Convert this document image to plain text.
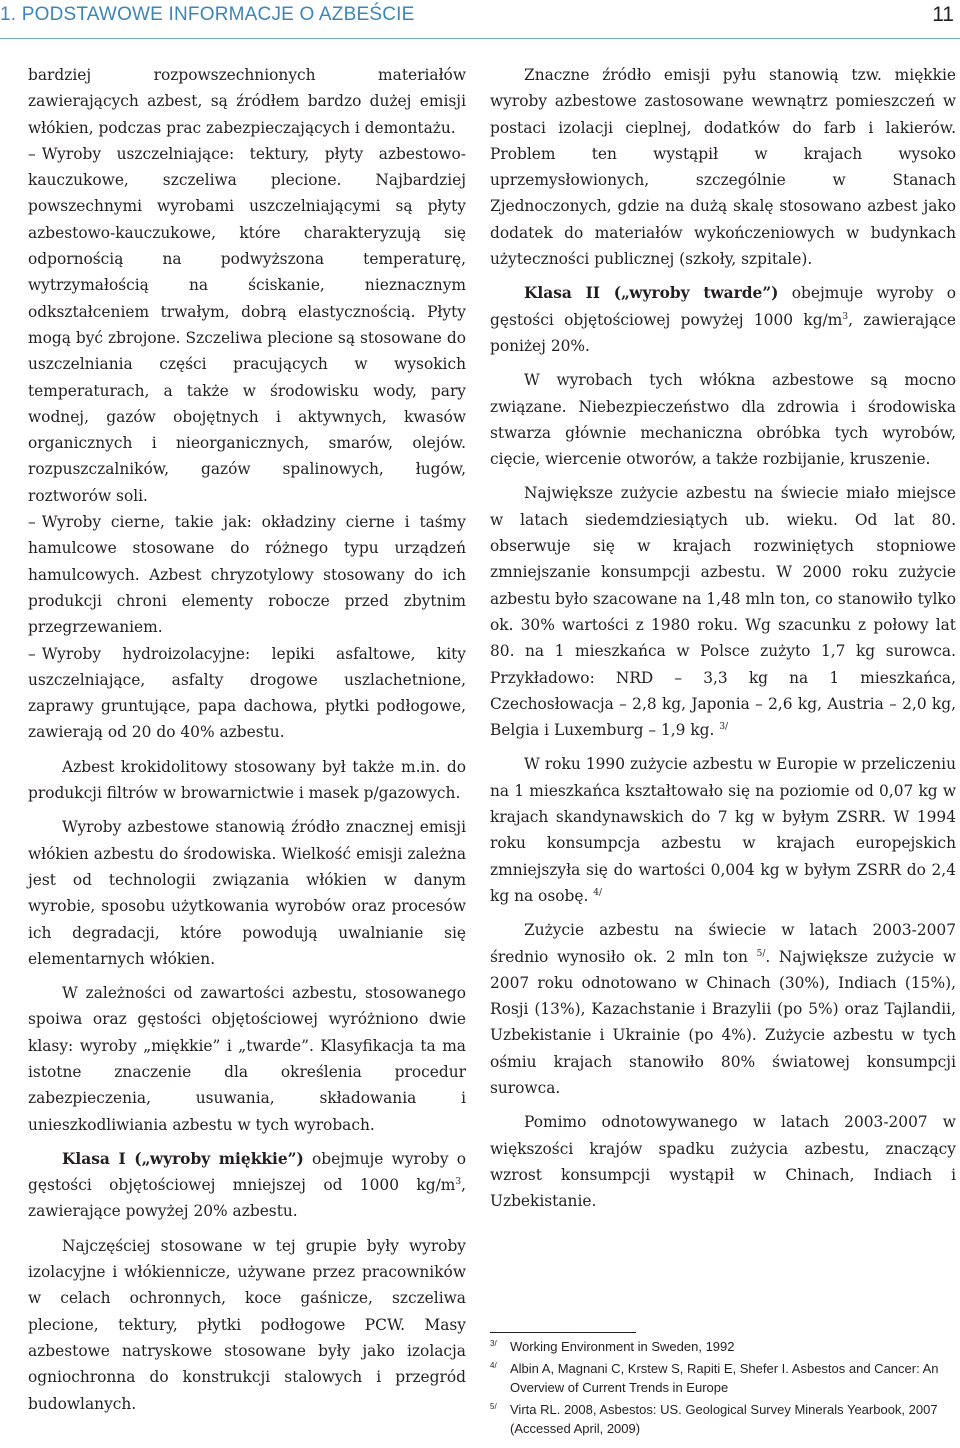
1. PODSTAWOWE INFORMACJE O AZBEŚCIE	11

bardziej rozpowszechnionych materiałów zawierających azbest, są źródłem bardzo dużej emisji włókien, podczas prac zabezpieczających i demontażu.

– Wyroby uszczelniające: tektury, płyty azbestowo-kauczukowe, szczeliwa plecione. Najbardziej powszechnymi wyrobami uszczelniającymi są płyty azbestowo-kauczukowe, które charakteryzują się odpornością na podwyższona temperaturę, wytrzymałością na ściskanie, nieznacznym odkształceniem trwałym, dobrą elastycznością. Płyty mogą być zbrojone. Szczeliwa plecione są stosowane do uszczelniania części pracujących w wysokich temperaturach, a także w środowisku wody, pary wodnej, gazów obojętnych i aktywnych, kwasów organicznych i nieorganicznych, smarów, olejów. rozpuszczalników, gazów spalinowych, ługów, roztworów soli.

– Wyroby cierne, takie jak: okładziny cierne i taśmy hamulcowe stosowane do różnego typu urządzeń hamulcowych. Azbest chryzotylowy stosowany do ich produkcji chroni elementy robocze przed zbytnim przegrzewaniem.

– Wyroby hydroizolacyjne: lepiki asfaltowe, kity uszczelniające, asfalty drogowe uszlachetnione, zaprawy gruntujące, papa dachowa, płytki podłogowe, zawierają od 20 do 40% azbestu.

Azbest krokidolitowy stosowany był także m.in. do produkcji filtrów w browarnictwie i masek p/gazowych.

Wyroby azbestowe stanowią źródło znacznej emisji włókien azbestu do środowiska. Wielkość emisji zależna jest od technologii związania włókien w danym wyrobie, sposobu użytkowania wyrobów oraz procesów ich degradacji, które powodują uwalnianie się elementarnych włókien.

W zależności od zawartości azbestu, stosowanego spoiwa oraz gęstości objętościowej wyróżniono dwie klasy: wyroby „miękkie” i „twarde”. Klasyfikacja ta ma istotne znaczenie dla określenia procedur zabezpieczenia, usuwania, składowania i unieszkodliwiania azbestu w tych wyrobach.

Klasa I („wyroby miękkie”) obejmuje wyroby o gęstości objętościowej mniejszej od 1000 $kg/m^3$, zawierające powyżej 20% azbestu.

Najczęściej stosowane w tej grupie były wyroby izolacyjne i włókiennicze, używane przez pracowników w celach ochronnych, koce gaśnicze, szczeliwa plecione, tektury, płytki podłogowe PCW. Masy azbestowe natryskowe stosowane były jako izolacja ogniochronna do konstrukcji stalowych i przegród budowlanych.

Znaczne źródło emisji pyłu stanowią tzw. miękkie wyroby azbestowe zastosowane wewnątrz pomieszczeń w postaci izolacji cieplnej, dodatków do farb i lakierów. Problem ten wystąpił w krajach wysoko uprzemysłowionych, szczególnie w Stanach Zjednoczonych, gdzie na dużą skalę stosowano azbest jako dodatek do materiałów wykończeniowych w budynkach użyteczności publicznej (szkoły, szpitale).

Klasa II („wyroby twarde”) obejmuje wyroby o gęstości objętościowej powyżej 1000 $kg/m^3$, zawierające poniżej 20%.

W wyrobach tych włókna azbestowe są mocno związane. Niebezpieczeństwo dla zdrowia i środowiska stwarza głównie mechaniczna obróbka tych wyrobów, cięcie, wiercenie otworów, a także rozbijanie, kruszenie.

Największe zużycie azbestu na świecie miało miejsce w latach siedemdziesiątych ub. wieku. Od lat 80. obserwuje się w krajach rozwiniętych stopniowe zmniejszanie konsumpcji azbestu. W 2000 roku zużycie azbestu było szacowane na 1,48 mln ton, co stanowiło tylko ok. 30% wartości z 1980 roku. Wg szacunku z połowy lat 80. na 1 mieszkańca w Polsce zużyto 1,7 kg surowca. Przykładowo: NRD – 3,3 kg na 1 mieszkańca, Czechosłowacja – 2,8 kg, Japonia – 2,6 kg, Austria – 2,0 kg, Belgia i Luxemburg – 1,9 kg. $^{3/}$

W roku 1990 zużycie azbestu w Europie w przeliczeniu na 1 mieszkańca kształtowało się na poziomie od 0,07 kg w krajach skandynawskich do 7 kg w byłym ZSRR. W 1994 roku konsumpcja azbestu w krajach europejskich zmniejszyła się do wartości 0,004 kg w byłym ZSRR do 2,4 kg na osobę. $^{4/}$

Zużycie azbestu na świecie w latach 2003-2007 średnio wynosiło ok. 2 mln ton $^{5/}$. Największe zużycie w 2007 roku odnotowano w Chinach (30%), Indiach (15%), Rosji (13%), Kazachstanie i Brazylii (po 5%) oraz Tajlandii, Uzbekistanie i Ukrainie (po 4%). Zużycie azbestu w tych ośmiu krajach stanowiło 80% światowej konsumpcji surowca.

Pomimo odnotowywanego w latach 2003-2007 w większości krajów spadku zużycia azbestu, znaczący wzrost konsumpcji wystąpił w Chinach, Indiach i Uzbekistanie.

3/ Working Environment in Sweden, 1992
4/ Albin A, Magnani C, Krstew S, Rapiti E, Shefer I. Asbestos and Cancer: An Overview of Current Trends in Europe
5/ Virta RL. 2008, Asbestos: US. Geological Survey Minerals Yearbook, 2007 (Accessed April, 2009)
